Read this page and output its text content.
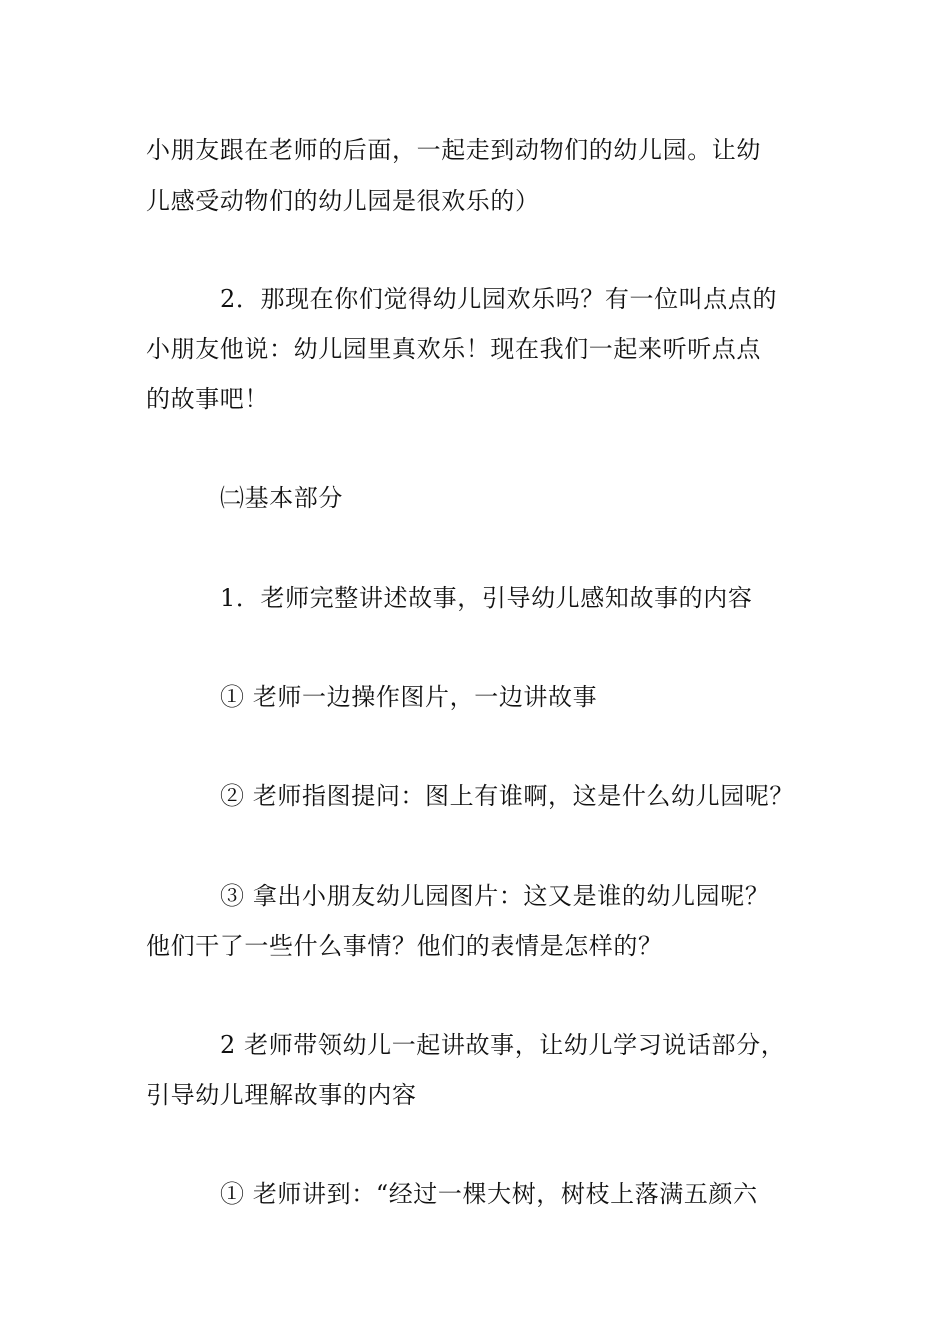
小朋友跟在老师的后面，一起走到动物们的幼儿园。让幼
儿感受动物们的幼儿园是很欢乐的）
2．那现在你们觉得幼儿园欢乐吗？有一位叫点点的
小朋友他说：幼儿园里真欢乐！现在我们一起来听听点点
的故事吧！
㈡基本部分
1．老师完整讲述故事，引导幼儿感知故事的内容
① 老师一边操作图片，一边讲故事
② 老师指图提问：图上有谁啊，这是什么幼儿园呢？
③ 拿出小朋友幼儿园图片：这又是谁的幼儿园呢？
他们干了一些什么事情？他们的表情是怎样的？
2 老师带领幼儿一起讲故事，让幼儿学习说话部分，
引导幼儿理解故事的内容
① 老师讲到：“经过一棵大树，树枝上落满五颜六
